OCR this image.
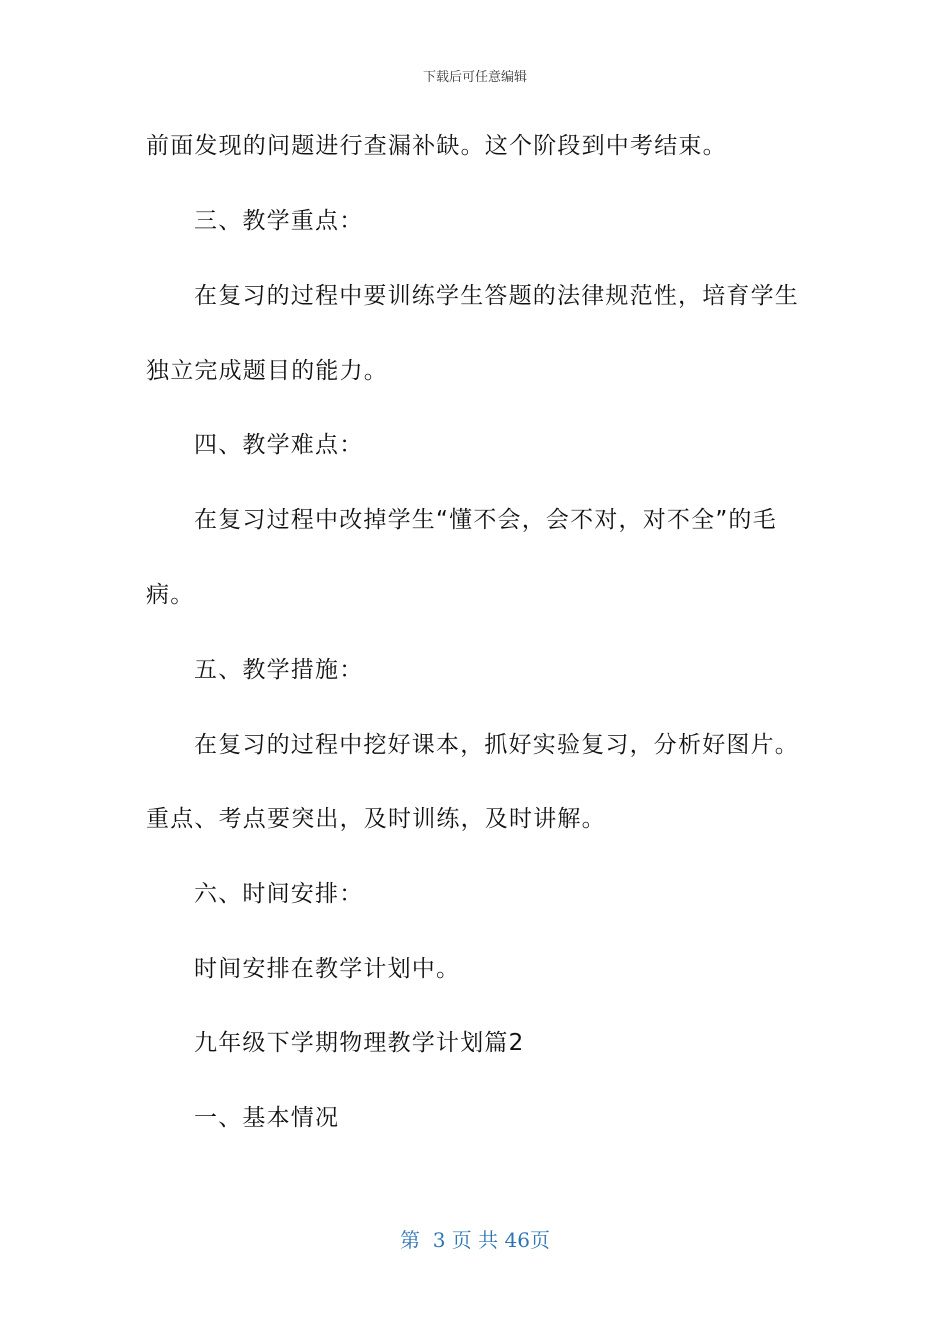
下载后可任意编辑
前面发现的问题进行查漏补缺。这个阶段到中考结束。
三、教学重点：
在复习的过程中要训练学生答题的法律规范性，培育学生
独立完成题目的能力。
四、教学难点：
在复习过程中改掉学生“懂不会，会不对，对不全”的毛
病。
五、教学措施：
在复习的过程中挖好课本，抓好实验复习，分析好图片。
重点、考点要突出，及时训练，及时讲解。
六、时间安排：
时间安排在教学计划中。
九年级下学期物理教学计划篇2
一、基本情况
第  3 页 共 46页
